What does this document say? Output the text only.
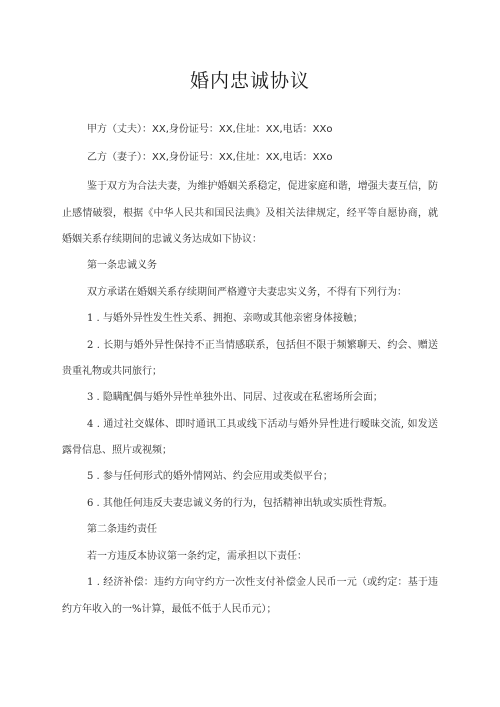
婚内忠诚协议
甲方（丈夫）：XX,身份证号：XX,住址：XX,电话：XXo
乙方（妻子）：XX,身份证号：XX,住址：XX,电话：XXo
鉴于双方为合法夫妻，为维护婚姻关系稳定，促进家庭和谐，增强夫妻互信，防
止感情破裂，根据《中华人民共和国民法典》及相关法律规定，经平等自愿协商，就
婚姻关系存续期间的忠诚义务达成如下协议：
第一条忠诚义务
双方承诺在婚姻关系存续期间严格遵守夫妻忠实义务，不得有下列行为：
1 . 与婚外异性发生性关系、拥抱、亲吻或其他亲密身体接触；
2 . 长期与婚外异性保持不正当情感联系，包括但不限于频繁聊天、约会、赠送
贵重礼物或共同旅行；
3 . 隐瞒配偶与婚外异性单独外出、同居、过夜或在私密场所会面；
4 . 通过社交媒体、即时通讯工具或线下活动与婚外异性进行暧昧交流, 如发送
露骨信息、照片或视频；
5 . 参与任何形式的婚外情网站、约会应用或类似平台；
6 . 其他任何违反夫妻忠诚义务的行为，包括精神出轨或实质性背叛。
第二条违约责任
若一方违反本协议第一条约定，需承担以下责任：
1 . 经济补偿：违约方向守约方一次性支付补偿金人民币一元（或约定：基于违
约方年收入的一%计算，最低不低于人民币元）；
